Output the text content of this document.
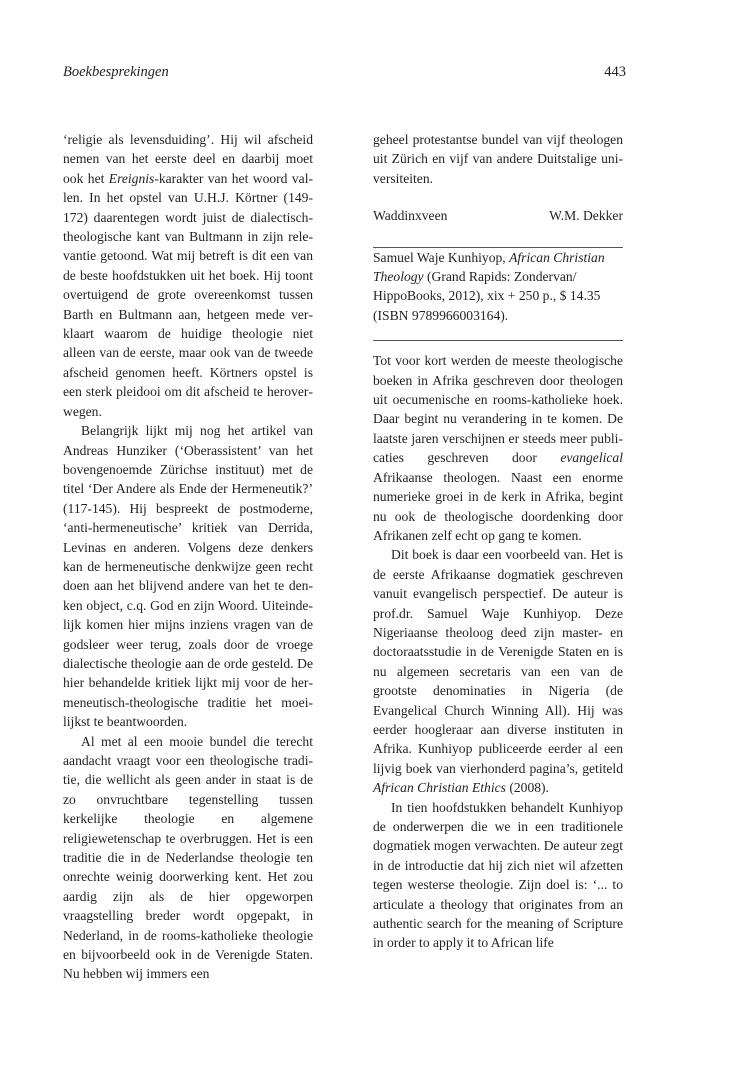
Boekbesprekingen	443

‘religie als levensduiding’. Hij wil afscheid nemen van het eerste deel en daarbij moet ook het Ereignis-karakter van het woord vallen. In het opstel van U.H.J. Körtner (149-172) daarentegen wordt juist de dialectisch-theologische kant van Bultmann in zijn relevantie getoond. Wat mij betreft is dit een van de beste hoofdstukken uit het boek. Hij toont overtuigend de grote overeenkomst tussen Barth en Bultmann aan, hetgeen mede verklaart waarom de huidige theologie niet alleen van de eerste, maar ook van de tweede afscheid genomen heeft. Körtners opstel is een sterk pleidooi om dit afscheid te heroverwegen.

Belangrijk lijkt mij nog het artikel van Andreas Hunziker (‘Oberassistent’ van het bovengenoemde Zürichse instituut) met de titel ‘Der Andere als Ende der Hermeneutik?’ (117-145). Hij bespreekt de postmoderne, ‘anti-hermeneutische’ kritiek van Derrida, Levinas en anderen. Volgens deze denkers kan de hermeneutische denkwijze geen recht doen aan het blijvend andere van het te denken object, c.q. God en zijn Woord. Uiteindelijk komen hier mijns inziens vragen van de godsleer weer terug, zoals door de vroege dialectische theologie aan de orde gesteld. De hier behandelde kritiek lijkt mij voor de hermeneutisch-theologische traditie het moeilijkst te beantwoorden.

Al met al een mooie bundel die terecht aandacht vraagt voor een theologische traditie, die wellicht als geen ander in staat is de zo onvruchtbare tegenstelling tussen kerkelijke theologie en algemene religiewetenschap te overbruggen. Het is een traditie die in de Nederlandse theologie ten onrechte weinig doorwerking kent. Het zou aardig zijn als de hier opgeworpen vraagstelling breder wordt opgepakt, in Nederland, in de rooms-katholieke theologie en bijvoorbeeld ook in de Verenigde Staten. Nu hebben wij immers een

geheel protestantse bundel van vijf theologen uit Zürich en vijf van andere Duitstalige universiteiten.

Waddinxveen	W.M. Dekker

Samuel Waje Kunhiyop, African Christian Theology (Grand Rapids: Zondervan/ HippoBooks, 2012), xix + 250 p., $ 14.35 (ISBN 9789966003164).

Tot voor kort werden de meeste theologische boeken in Afrika geschreven door theologen uit oecumenische en rooms-katholieke hoek. Daar begint nu verandering in te komen. De laatste jaren verschijnen er steeds meer publicaties geschreven door evangelical Afrikaanse theologen. Naast een enorme numerieke groei in de kerk in Afrika, begint nu ook de theologische doordenking door Afrikanen zelf echt op gang te komen.

Dit boek is daar een voorbeeld van. Het is de eerste Afrikaanse dogmatiek geschreven vanuit evangelisch perspectief. De auteur is prof.dr. Samuel Waje Kunhiyop. Deze Nigeriaanse theoloog deed zijn master- en doctoraatsstudie in de Verenigde Staten en is nu algemeen secretaris van een van de grootste denominaties in Nigeria (de Evangelical Church Winning All). Hij was eerder hoogleraar aan diverse instituten in Afrika. Kunhiyop publiceerde eerder al een lijvig boek van vierhonderd pagina’s, getiteld African Christian Ethics (2008).

In tien hoofdstukken behandelt Kunhiyop de onderwerpen die we in een traditionele dogmatiek mogen verwachten. De auteur zegt in de introductie dat hij zich niet wil afzetten tegen westerse theologie. Zijn doel is: ‘... to articulate a theology that originates from an authentic search for the meaning of Scripture in order to apply it to African life
